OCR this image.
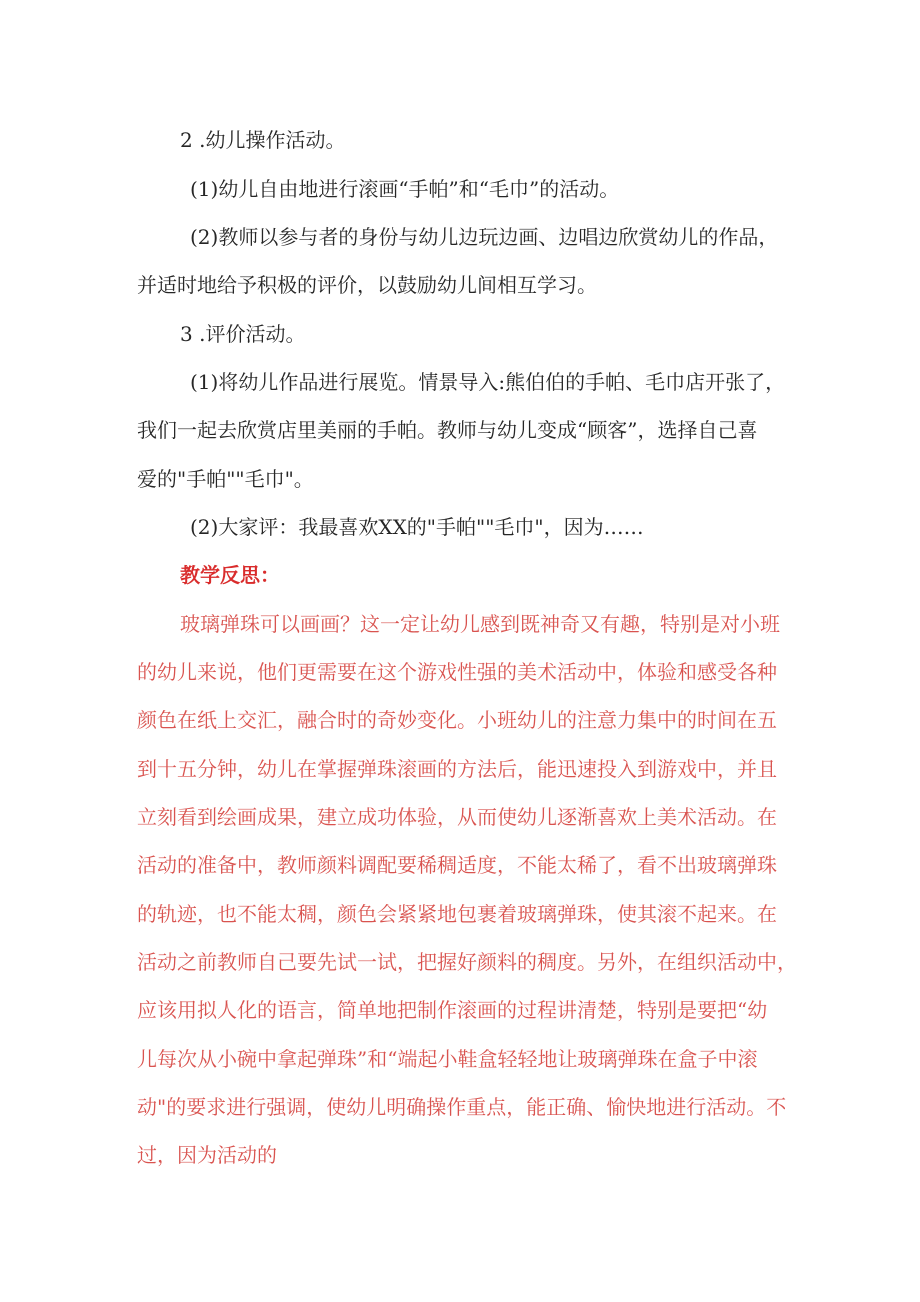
2 .幼儿操作活动。
(1)幼儿自由地进行滚画“手帕”和“毛巾”的活动。
(2)教师以参与者的身份与幼儿边玩边画、边唱边欣赏幼儿的作品，
并适时地给予积极的评价，以鼓励幼儿间相互学习。
3 .评价活动。
(1)将幼儿作品进行展览。情景导入:熊伯伯的手帕、毛巾店开张了，
我们一起去欣赏店里美丽的手帕。教师与幼儿变成“顾客”，选择自己喜
爱的"手帕""毛巾"。
(2)大家评：我最喜欢XX的"手帕""毛巾"，因为……
教学反思：
玻璃弹珠可以画画？这一定让幼儿感到既神奇又有趣，特别是对小班
的幼儿来说，他们更需要在这个游戏性强的美术活动中，体验和感受各种
颜色在纸上交汇，融合时的奇妙变化。小班幼儿的注意力集中的时间在五
到十五分钟，幼儿在掌握弹珠滚画的方法后，能迅速投入到游戏中，并且
立刻看到绘画成果，建立成功体验，从而使幼儿逐渐喜欢上美术活动。在
活动的准备中，教师颜料调配要稀稠适度，不能太稀了，看不出玻璃弹珠
的轨迹，也不能太稠，颜色会紧紧地包裹着玻璃弹珠，使其滚不起来。在
活动之前教师自己要先试一试，把握好颜料的稠度。另外，在组织活动中，
应该用拟人化的语言，简单地把制作滚画的过程讲清楚，特别是要把“幼
儿每次从小碗中拿起弹珠”和“端起小鞋盒轻轻地让玻璃弹珠在盒子中滚
动"的要求进行强调，使幼儿明确操作重点，能正确、愉快地进行活动。不
过，因为活动的
